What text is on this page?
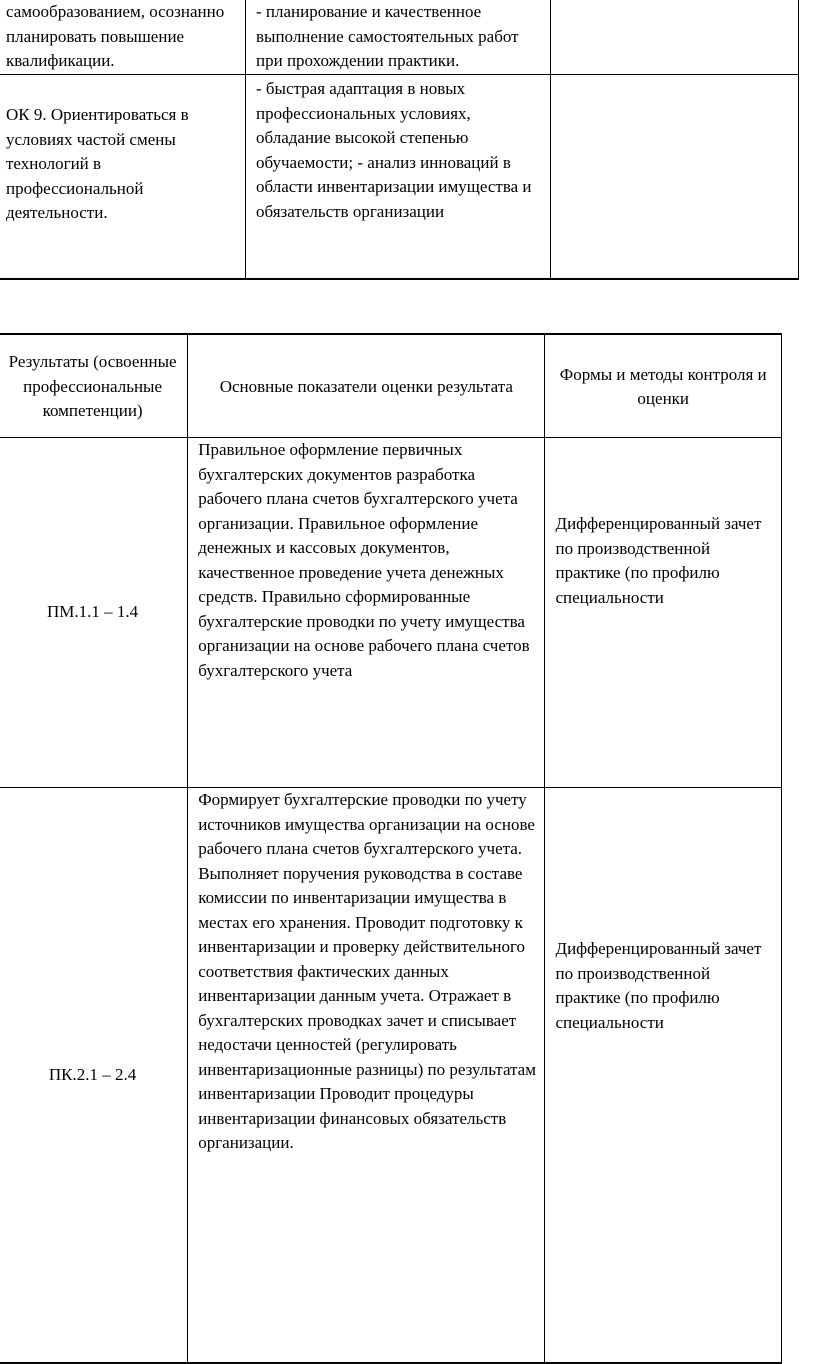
самообразованием, осознанно планировать повышение квалификации.	- планирование и качественное выполнение самостоятельных работ при прохождении практики.	
ОК 9. Ориентироваться в условиях частой смены технологий в профессиональной деятельности.	- быстрая адаптация в новых профессиональных условиях, обладание высокой степенью обучаемости; - анализ инноваций в области инвентаризации имущества и обязательств организации	
Результаты (освоенные профессиональные компетенции)	Основные показатели оценки результата	Формы и методы контроля и оценки
ПМ.1.1 – 1.4	Правильное оформление первичных бухгалтерских документов разработка рабочего плана счетов бухгалтерского учета организации. Правильное оформление денежных и кассовых документов, качественное проведение учета денежных средств. Правильно сформированные бухгалтерские проводки по учету имущества организации на основе рабочего плана счетов бухгалтерского учета	Дифференцированный зачет по производственной практике (по профилю специальности
ПК.2.1 – 2.4	Формирует бухгалтерские проводки по учету источников имущества организации на основе рабочего плана счетов бухгалтерского учета. Выполняет поручения руководства в составе комиссии по инвентаризации имущества в местах его хранения. Проводит подготовку к инвентаризации и проверку действительного соответствия фактических данных инвентаризации данным учета. Отражает в бухгалтерских проводках зачет и списывает недостачи ценностей (регулировать инвентаризационные разницы) по результатам инвентаризации Проводит процедуры инвентаризации финансовых обязательств организации.	Дифференцированный зачет по производственной практике (по профилю специальности
